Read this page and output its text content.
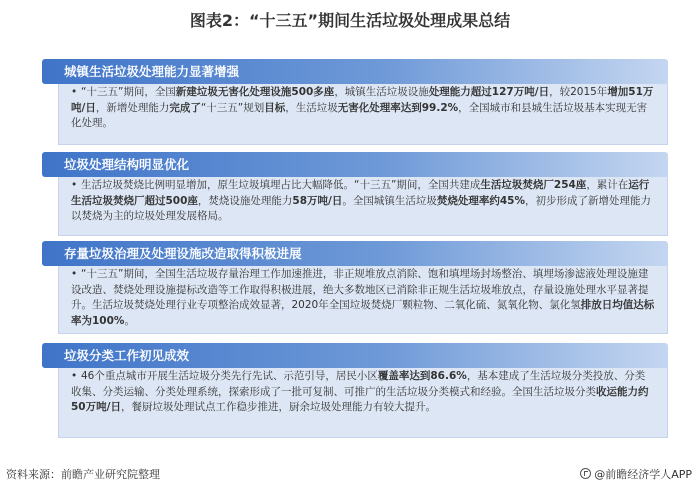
图表2：“十三五”期间生活垃圾处理成果总结
• “十三五”期间，全国新建垃圾无害化处理设施500多座，城镇生活垃圾设施处理能力超过127万吨/日，较2015年增加51万吨/日，新增处理能力完成了“十三五”规划目标，生活垃圾无害化处理率达到99.2%，全国城市和县城生活垃圾基本实现无害化处理。
城镇生活垃圾处理能力显著增强
• 生活垃圾焚烧比例明显增加，原生垃圾填埋占比大幅降低。“十三五”期间，全国共建成生活垃圾焚烧厂254座，累计在运行生活垃圾焚烧厂超过500座，焚烧设施处理能力58万吨/日。全国城镇生活垃圾焚烧处理率约45%，初步形成了新增处理能力以焚烧为主的垃圾处理发展格局。
垃圾处理结构明显优化
• “十三五”期间，全国生活垃圾存量治理工作加速推进，非正规堆放点消除、饱和填埋场封场整治、填埋场渗滤液处理设施建设改造、焚烧处理设施提标改造等工作取得积极进展，绝大多数地区已消除非正规生活垃圾堆放点，存量设施处理水平显著提升。生活垃圾焚烧处理行业专项整治成效显著，2020年全国垃圾焚烧厂颗粒物、二氧化硫、氮氧化物、氯化氢排放日均值达标率为100%。
存量垃圾治理及处理设施改造取得积极进展
• 46个重点城市开展生活垃圾分类先行先试、示范引导，居民小区覆盖率达到86.6%，基本建成了生活垃圾分类投放、分类收集、分类运输、分类处理系统，探索形成了一批可复制、可推广的生活垃圾分类模式和经验。全国生活垃圾分类收运能力约50万吨/日，餐厨垃圾处理试点工作稳步推进，厨余垃圾处理能力有较大提升。
垃圾分类工作初见成效
资料来源：前瞻产业研究院整理	@前瞻经济学人APP
